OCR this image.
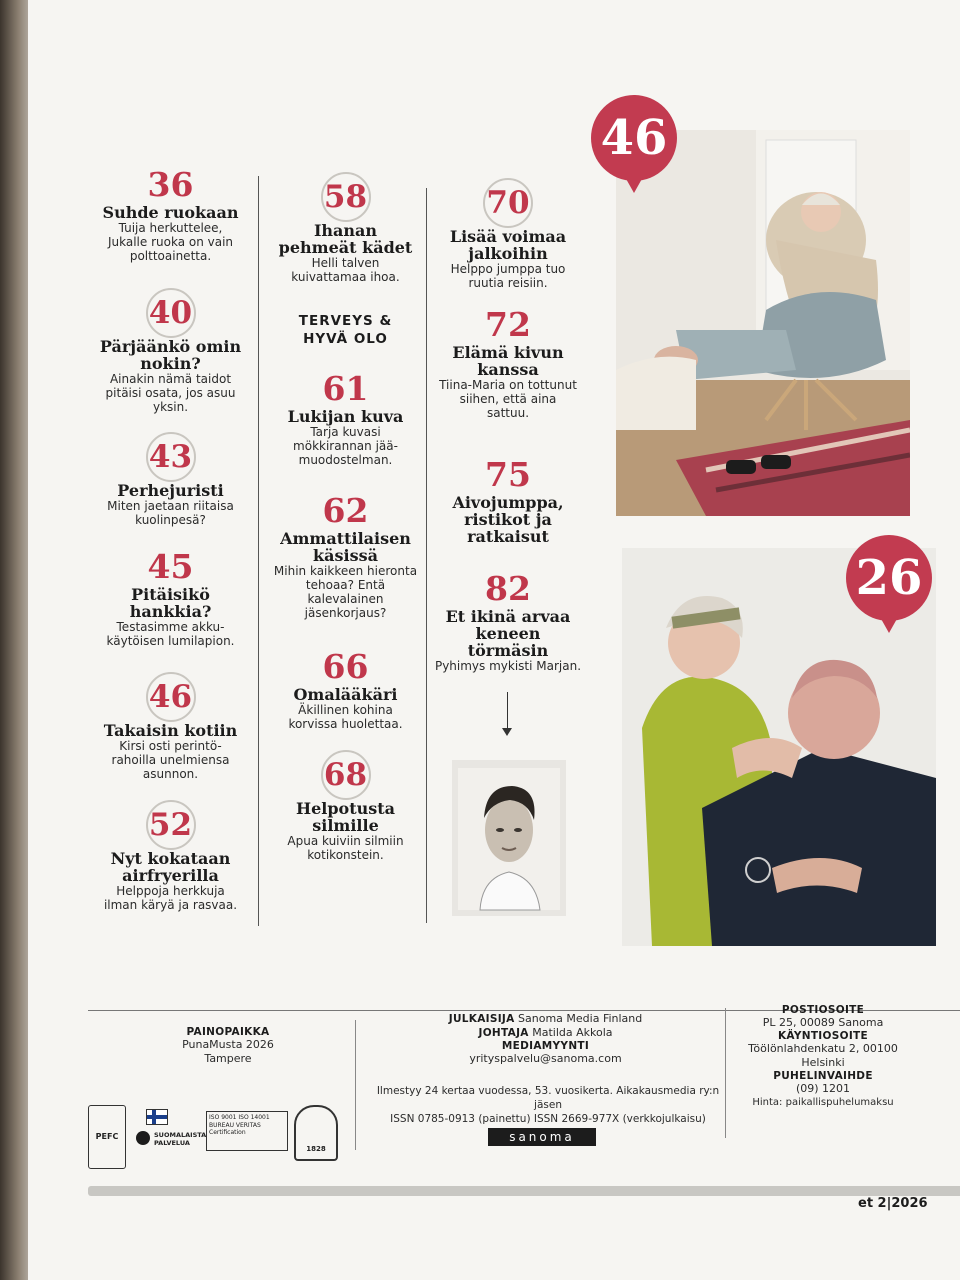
36
Suhde ruokaan
Tuija herkuttelee, Jukalle ruoka on vain polttoainetta.
40
Pärjäänkö omin nokin?
Ainakin nämä taidot pitäisi osata, jos asuu yksin.
43
Perhejuristi
Miten jaetaan riitaisa kuolinpesä?
45
Pitäisikö hankkia?
Testasimme akku-käytöisen lumilapion.
46
Takaisin kotiin
Kirsi osti perintö-rahoilla unelmiensa asunnon.
52
Nyt kokataan airfryerilla
Helppoja herkkuja ilman käryä ja rasvaa.
58
Ihanan pehmeät kädet
Helli talven kuivattamaa ihoa.
TERVEYS & HYVÄ OLO
61
Lukijan kuva
Tarja kuvasi mökkirannan jää-muodostelman.
62
Ammattilaisen käsissä
Mihin kaikkeen hieronta tehoaa? Entä kalevalainen jäsenkorjaus?
66
Omalääkäri
Äkillinen kohina korvissa huolettaa.
68
Helpotusta silmille
Apua kuiviin silmiin kotikonstein.
70
Lisää voimaa jalkoihin
Helppo jumppa tuo ruutia reisiin.
72
Elämä kivun kanssa
Tiina-Maria on tottunut siihen, että aina sattuu.
75
Aivojumppa, ristikot ja ratkaisut
82
Et ikinä arvaa keneen törmäsin
Pyhimys mykisti Marjan.
46
26
PAINOPAIKKA
PunaMusta 2026
Tampere
PEFC	SUOMALAISTA PALVELUA
ISO 9001 ISO 14001 BUREAU VERITAS Certification
1828
JULKAISIJA Sanoma Media Finland
JOHTAJA Matilda Akkola
MEDIAMYYNTI
yrityspalvelu@sanoma.com
Ilmestyy 24 kertaa vuodessa, 53. vuosikerta. Aikakausmedia ry:n jäsen
ISSN 0785-0913 (painettu) ISSN 2669-977X (verkkojulkaisu)
sanoma
POSTIOSOITE
PL 25, 00089 Sanoma
KÄYNTIOSOITE
Töölönlahdenkatu 2, 00100 Helsinki
PUHELINVAIHDE
(09) 1201
Hinta: paikallispuhelumaksu
et 2|2026
